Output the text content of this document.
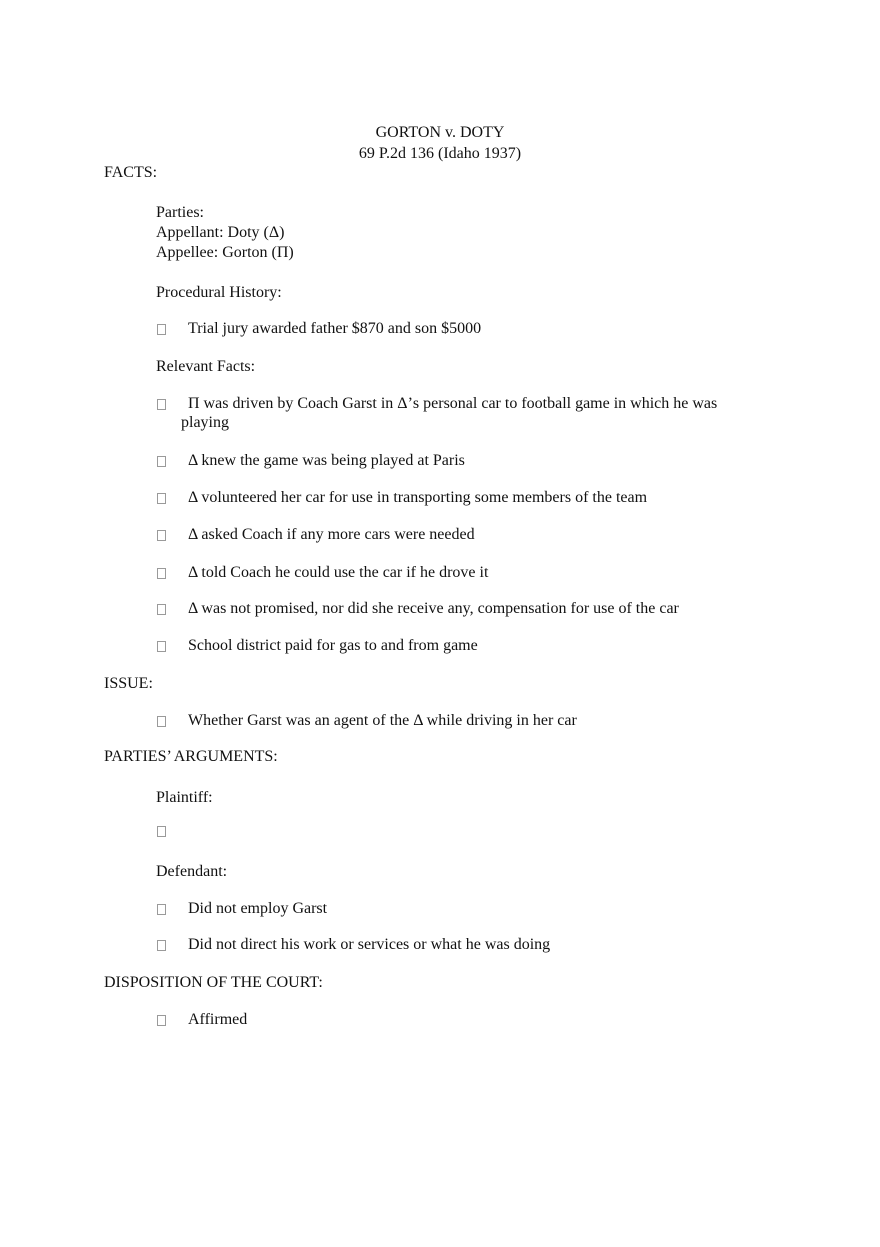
GORTON v. DOTY
69 P.2d 136 (Idaho 1937)
FACTS:
Parties:
Appellant: Doty (Δ)
Appellee: Gorton (Π)
Procedural History:
Trial jury awarded father $870 and son $5000
Relevant Facts:
Π was driven by Coach Garst in Δ’s personal car to football game in which he was
playing
Δ knew the game was being played at Paris
Δ volunteered her car for use in transporting some members of the team
Δ asked Coach if any more cars were needed
Δ told Coach he could use the car if he drove it
Δ was not promised, nor did she receive any, compensation for use of the car
School district paid for gas to and from game
ISSUE:
Whether Garst was an agent of the Δ while driving in her car
PARTIES’ ARGUMENTS:
Plaintiff:
Defendant:
Did not employ Garst
Did not direct his work or services or what he was doing
DISPOSITION OF THE COURT:
Affirmed
